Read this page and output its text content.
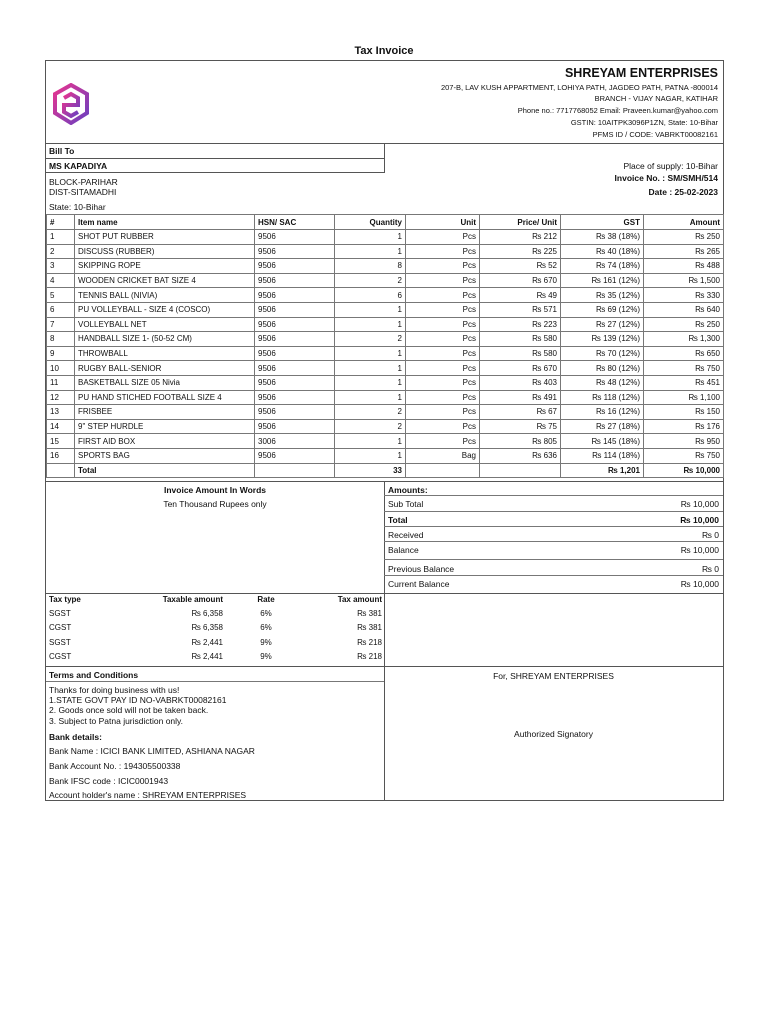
Tax Invoice
SHREYAM ENTERPRISES
207-B, LAV KUSH APPARTMENT, LOHIYA PATH, JAGDEO PATH, PATNA -800014
BRANCH - VIJAY NAGAR, KATIHAR
Phone no.: 7717768052 Email: Praveen.kumar@yahoo.com
GSTIN: 10AITPK3096P1ZN, State: 10-Bihar
PFMS ID / CODE: VABRKT00082161
Bill To
MS KAPADIYA
BLOCK-PARIHAR
DIST-SITAMADHI
State: 10-Bihar
Place of supply: 10-Bihar
Invoice No. : SM/SMH/514
Date : 25-02-2023
#	Item name	HSN/ SAC	Quantity	Unit	Price/ Unit	GST	Amount
1	SHOT PUT RUBBER	9506	1	Pcs	₨ 212	₨ 38 (18%)	₨ 250
2	DISCUSS (RUBBER)	9506	1	Pcs	₨ 225	₨ 40 (18%)	₨ 265
3	SKIPPING ROPE	9506	8	Pcs	₨ 52	₨ 74 (18%)	₨ 488
4	WOODEN CRICKET BAT SIZE 4	9506	2	Pcs	₨ 670	₨ 161 (12%)	₨ 1,500
5	TENNIS BALL (NIVIA)	9506	6	Pcs	₨ 49	₨ 35 (12%)	₨ 330
6	PU VOLLEYBALL - SIZE 4 (COSCO)	9506	1	Pcs	₨ 571	₨ 69 (12%)	₨ 640
7	VOLLEYBALL NET	9506	1	Pcs	₨ 223	₨ 27 (12%)	₨ 250
8	HANDBALL SIZE 1- (50-52 CM)	9506	2	Pcs	₨ 580	₨ 139 (12%)	₨ 1,300
9	THROWBALL	9506	1	Pcs	₨ 580	₨ 70 (12%)	₨ 650
10	RUGBY BALL-SENIOR	9506	1	Pcs	₨ 670	₨ 80 (12%)	₨ 750
11	BASKETBALL SIZE 05 Nivia	9506	1	Pcs	₨ 403	₨ 48 (12%)	₨ 451
12	PU HAND STICHED FOOTBALL SIZE 4	9506	1	Pcs	₨ 491	₨ 118 (12%)	₨ 1,100
13	FRISBEE	9506	2	Pcs	₨ 67	₨ 16 (12%)	₨ 150
14	9" STEP HURDLE	9506	2	Pcs	₨ 75	₨ 27 (18%)	₨ 176
15	FIRST AID BOX	3006	1	Pcs	₨ 805	₨ 145 (18%)	₨ 950
16	SPORTS BAG	9506	1	Bag	₨ 636	₨ 114 (18%)	₨ 750
	Total		33			₨ 1,201	₨ 10,000
Invoice Amount In Words
Ten Thousand Rupees only
Amounts:
Sub Total	₨ 10,000
Total	₨ 10,000
Received	₨ 0
Balance	₨ 10,000
Previous Balance	₨ 0
Current Balance	₨ 10,000
Tax type	Taxable amount	Rate	Tax amount
SGST	₨ 6,358	6%	₨ 381
CGST	₨ 6,358	6%	₨ 381
SGST	₨ 2,441	9%	₨ 218
CGST	₨ 2,441	9%	₨ 218
Terms and Conditions
Thanks for doing business with us!
1.STATE GOVT PAY ID NO-VABRKT00082161
2. Goods once sold will not be taken back.
3. Subject to Patna jurisdiction only.
Bank details:
Bank Name : ICICI BANK LIMITED, ASHIANA NAGAR
Bank Account No. : 194305500338
Bank IFSC code : ICIC0001943
Account holder's name : SHREYAM ENTERPRISES
For, SHREYAM ENTERPRISES
Authorized Signatory
